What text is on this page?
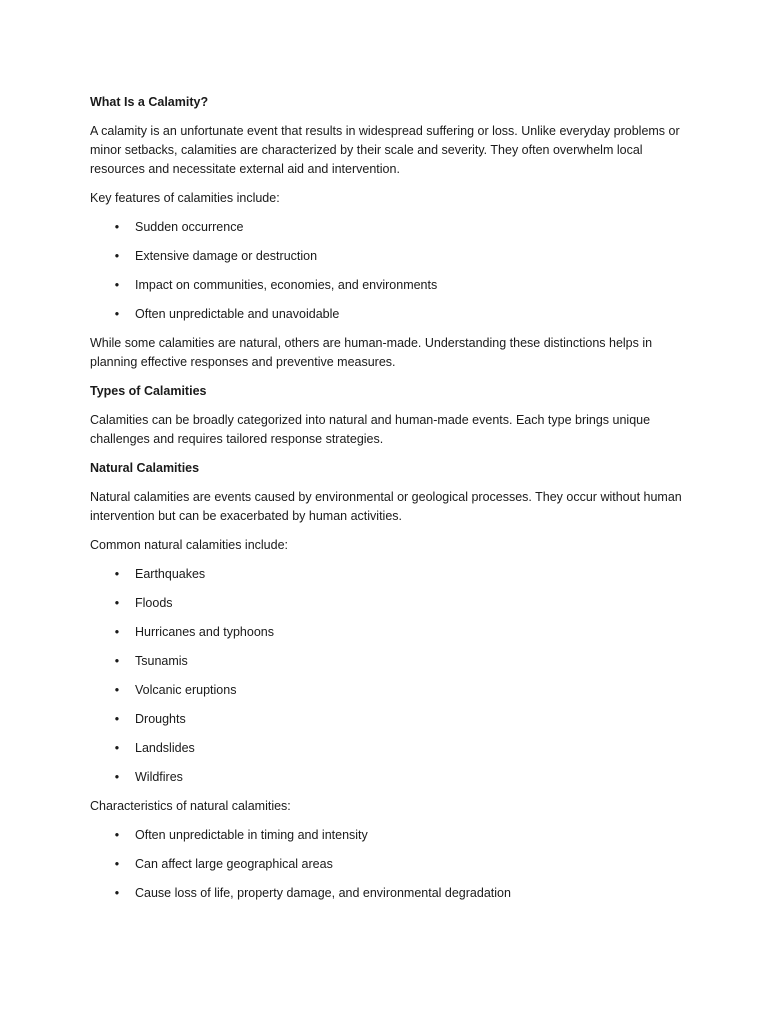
What Is a Calamity?
A calamity is an unfortunate event that results in widespread suffering or loss. Unlike everyday problems or minor setbacks, calamities are characterized by their scale and severity. They often overwhelm local resources and necessitate external aid and intervention.
Key features of calamities include:
• Sudden occurrence
• Extensive damage or destruction
• Impact on communities, economies, and environments
• Often unpredictable and unavoidable
While some calamities are natural, others are human-made. Understanding these distinctions helps in planning effective responses and preventive measures.
Types of Calamities
Calamities can be broadly categorized into natural and human-made events. Each type brings unique challenges and requires tailored response strategies.
Natural Calamities
Natural calamities are events caused by environmental or geological processes. They occur without human intervention but can be exacerbated by human activities.
Common natural calamities include:
• Earthquakes
• Floods
• Hurricanes and typhoons
• Tsunamis
• Volcanic eruptions
• Droughts
• Landslides
• Wildfires
Characteristics of natural calamities:
• Often unpredictable in timing and intensity
• Can affect large geographical areas
• Cause loss of life, property damage, and environmental degradation
